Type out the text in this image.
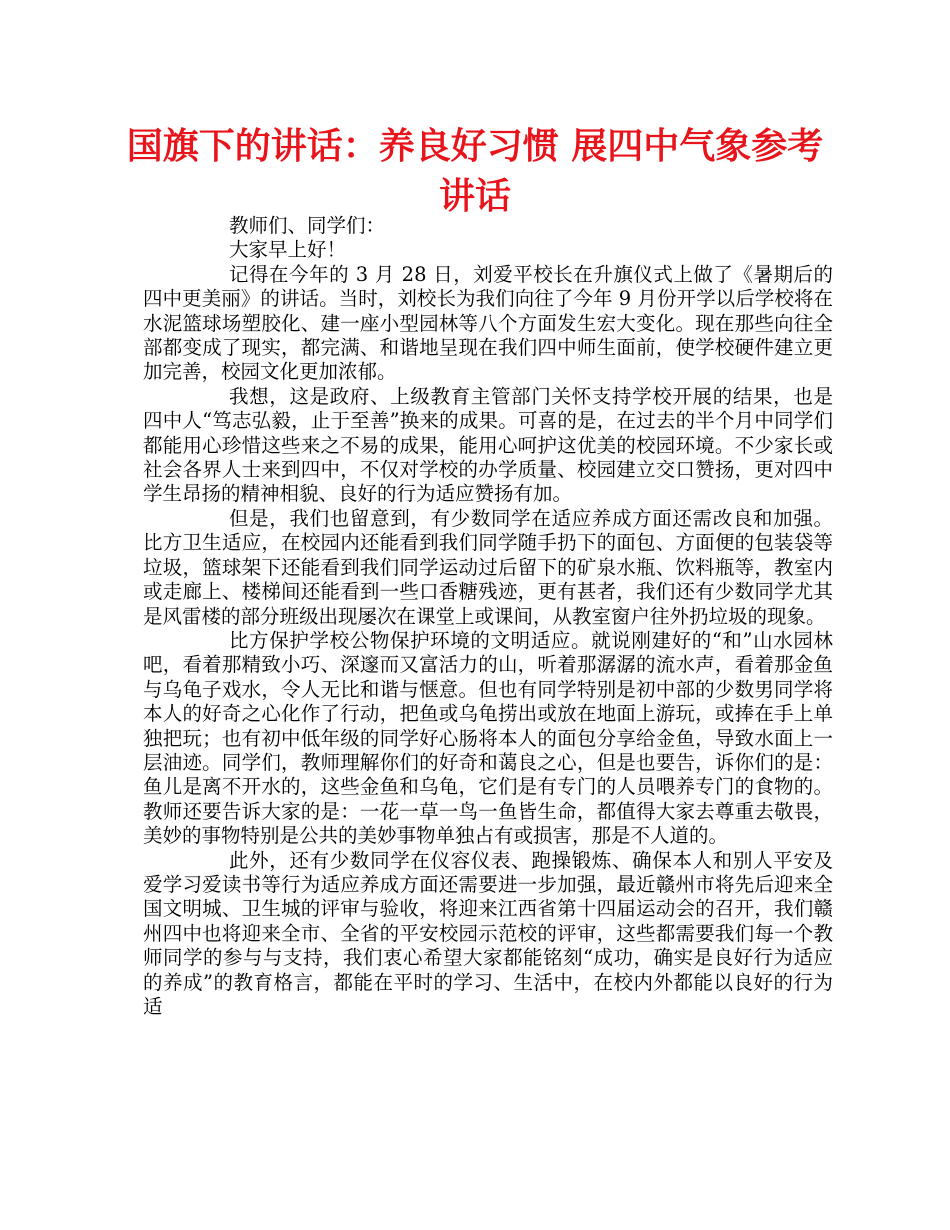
国旗下的讲话：养良好习惯 展四中气象参考讲话

教师们、同学们：

大家早上好！

记得在今年的 3 月 28 日，刘爱平校长在升旗仪式上做了《暑期后的四中更美丽》的讲话。当时，刘校长为我们向往了今年 9 月份开学以后学校将在水泥篮球场塑胶化、建一座小型园林等八个方面发生宏大变化。现在那些向往全部都变成了现实，都完满、和谐地呈现在我们四中师生面前，使学校硬件建立更加完善，校园文化更加浓郁。

我想，这是政府、上级教育主管部门关怀支持学校开展的结果，也是四中人“笃志弘毅，止于至善”换来的成果。可喜的是，在过去的半个月中同学们都能用心珍惜这些来之不易的成果，能用心呵护这优美的校园环境。不少家长或社会各界人士来到四中，不仅对学校的办学质量、校园建立交口赞扬，更对四中学生昂扬的精神相貌、良好的行为适应赞扬有加。

但是，我们也留意到，有少数同学在适应养成方面还需改良和加强。比方卫生适应，在校园内还能看到我们同学随手扔下的面包、方面便的包装袋等垃圾，篮球架下还能看到我们同学运动过后留下的矿泉水瓶、饮料瓶等，教室内或走廊上、楼梯间还能看到一些口香糖残迹，更有甚者，我们还有少数同学尤其是风雷楼的部分班级出现屡次在课堂上或课间，从教室窗户往外扔垃圾的现象。

比方保护学校公物保护环境的文明适应。就说刚建好的“和”山水园林吧，看着那精致小巧、深邃而又富活力的山，听着那潺潺的流水声，看着那金鱼与乌龟子戏水，令人无比和谐与惬意。但也有同学特别是初中部的少数男同学将本人的好奇之心化作了行动，把鱼或乌龟捞出或放在地面上游玩，或捧在手上单独把玩；也有初中低年级的同学好心肠将本人的面包分享给金鱼，导致水面上一层油迹。同学们，教师理解你们的好奇和蔼良之心，但是也要告，诉你们的是：鱼儿是离不开水的，这些金鱼和乌龟，它们是有专门的人员喂养专门的食物的。教师还要告诉大家的是：一花一草一鸟一鱼皆生命，都值得大家去尊重去敬畏，美妙的事物特别是公共的美妙事物单独占有或损害，那是不人道的。

此外，还有少数同学在仪容仪表、跑操锻炼、确保本人和别人平安及爱学习爱读书等行为适应养成方面还需要进一步加强，最近赣州市将先后迎来全国文明城、卫生城的评审与验收，将迎来江西省第十四届运动会的召开，我们赣州四中也将迎来全市、全省的平安校园示范校的评审，这些都需要我们每一个教师同学的参与与支持，我们衷心希望大家都能铭刻“成功，确实是良好行为适应的养成”的教育格言，都能在平时的学习、生活中，在校内外都能以良好的行为适
